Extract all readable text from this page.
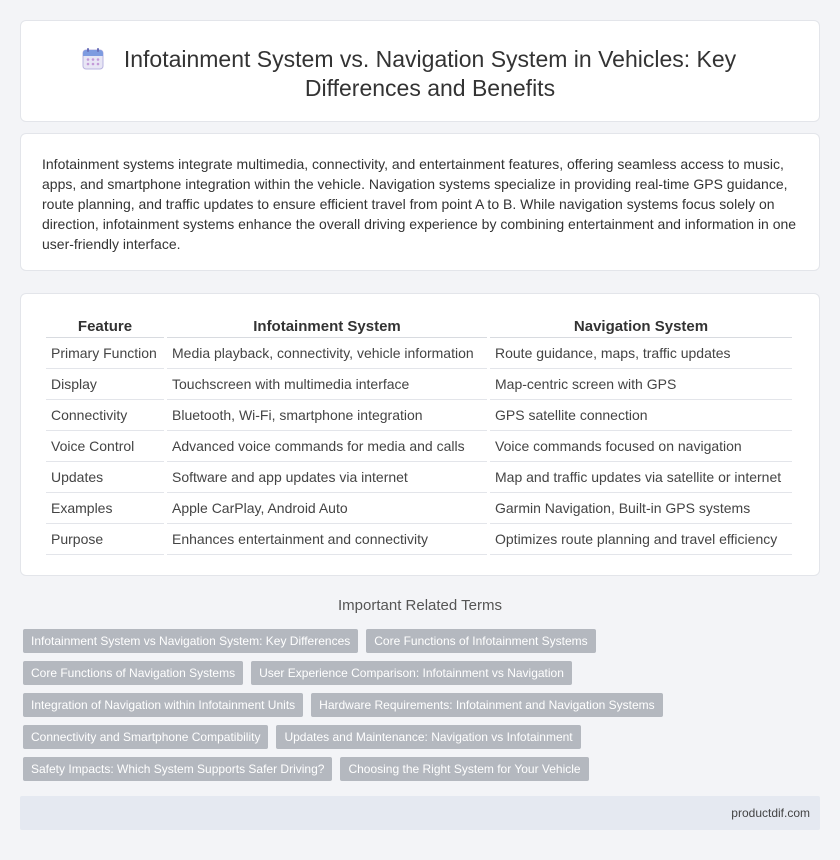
Infotainment System vs. Navigation System in Vehicles: Key Differences and Benefits

Infotainment systems integrate multimedia, connectivity, and entertainment features, offering seamless access to music, apps, and smartphone integration within the vehicle. Navigation systems specialize in providing real-time GPS guidance, route planning, and traffic updates to ensure efficient travel from point A to B. While navigation systems focus solely on direction, infotainment systems enhance the overall driving experience by combining entertainment and information in one user-friendly interface.

Feature	Infotainment System	Navigation System
Primary Function	Media playback, connectivity, vehicle information	Route guidance, maps, traffic updates
Display	Touchscreen with multimedia interface	Map-centric screen with GPS
Connectivity	Bluetooth, Wi-Fi, smartphone integration	GPS satellite connection
Voice Control	Advanced voice commands for media and calls	Voice commands focused on navigation
Updates	Software and app updates via internet	Map and traffic updates via satellite or internet
Examples	Apple CarPlay, Android Auto	Garmin Navigation, Built-in GPS systems
Purpose	Enhances entertainment and connectivity	Optimizes route planning and travel efficiency
Important Related Terms
Infotainment System vs Navigation System: Key Differences	Core Functions of Infotainment Systems
Core Functions of Navigation Systems	User Experience Comparison: Infotainment vs Navigation
Integration of Navigation within Infotainment Units	Hardware Requirements: Infotainment and Navigation Systems
Connectivity and Smartphone Compatibility	Updates and Maintenance: Navigation vs Infotainment
Safety Impacts: Which System Supports Safer Driving?	Choosing the Right System for Your Vehicle
productdif.com
